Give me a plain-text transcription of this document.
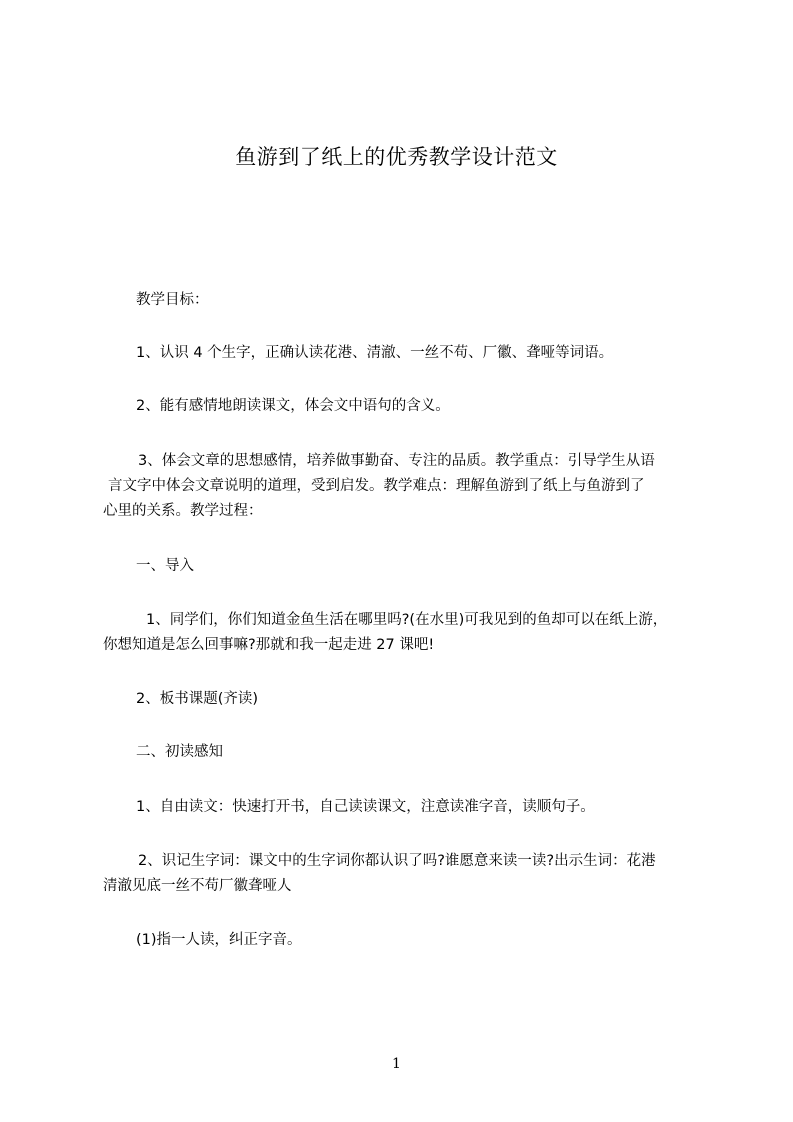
鱼游到了纸上的优秀教学设计范文

教学目标：

1、认识 4 个生字，正确认读花港、清澈、一丝不苟、厂徽、聋哑等词语。

2、能有感情地朗读课文，体会文中语句的含义。

3、体会文章的思想感情，培养做事勤奋、专注的品质。教学重点：引导学生从语
言文字中体会文章说明的道理，受到启发。教学难点：理解鱼游到了纸上与鱼游到了
心里的关系。教学过程：

一、导入

1、同学们，你们知道金鱼生活在哪里吗?(在水里)可我见到的鱼却可以在纸上游，
你想知道是怎么回事嘛?那就和我一起走进 27 课吧!

2、板书课题(齐读)

二、初读感知

1、自由读文：快速打开书，自己读读课文，注意读准字音，读顺句子。

2、识记生字词：课文中的生字词你都认识了吗?谁愿意来读一读?出示生词：花港
清澈见底一丝不苟厂徽聋哑人

(1)指一人读，纠正字音。

1
